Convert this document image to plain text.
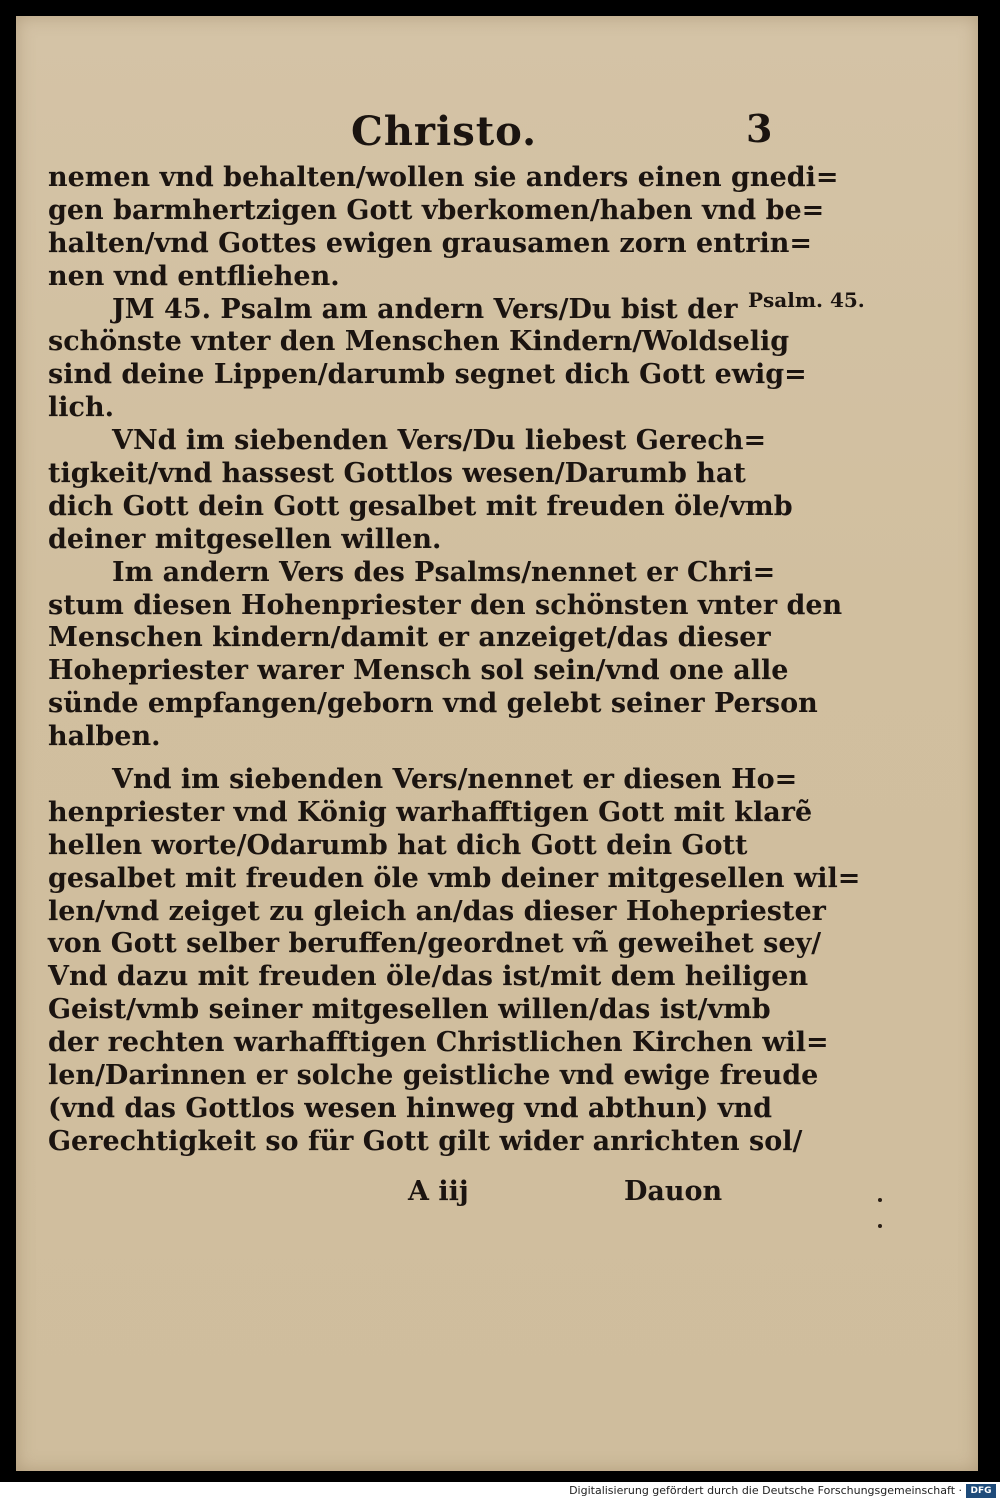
Christo.	3
Psalm. 45.
nemen vnd behalten/wollen sie anders einen gnedi=
gen barmhertzigen Gott vberkomen/haben vnd be=
halten/vnd Gottes ewigen grausamen zorn entrin=
nen vnd entfliehen.
JM 45. Psalm am andern Vers/Du bist der
schönste vnter den Menschen Kindern/Woldselig
sind deine Lippen/darumb segnet dich Gott ewig=
lich.
VNd im siebenden Vers/Du liebest Gerech=
tigkeit/vnd hassest Gottlos wesen/Darumb hat
dich Gott dein Gott gesalbet mit freuden öle/vmb
deiner mitgesellen willen.
Im andern Vers des Psalms/nennet er Chri=
stum diesen Hohenpriester den schönsten vnter den
Menschen kindern/damit er anzeiget/das dieser
Hohepriester warer Mensch sol sein/vnd one alle
sünde empfangen/geborn vnd gelebt seiner Person
halben.
Vnd im siebenden Vers/nennet er diesen Ho=
henpriester vnd König warhafftigen Gott mit klarẽ
hellen worte/Odarumb hat dich Gott dein Gott
gesalbet mit freuden öle vmb deiner mitgesellen wil=
len/vnd zeiget zu gleich an/das dieser Hohepriester
von Gott selber beruffen/geordnet vñ geweihet sey/
Vnd dazu mit freuden öle/das ist/mit dem heiligen
Geist/vmb seiner mitgesellen willen/das ist/vmb
der rechten warhafftigen Christlichen Kirchen wil=
len/Darinnen er solche geistliche vnd ewige freude
(vnd das Gottlos wesen hinweg vnd abthun) vnd
Gerechtigkeit so für Gott gilt wider anrichten sol/
A iij	Dauon
Digitalisierung gefördert durch die Deutsche Forschungsgemeinschaft · DFG
